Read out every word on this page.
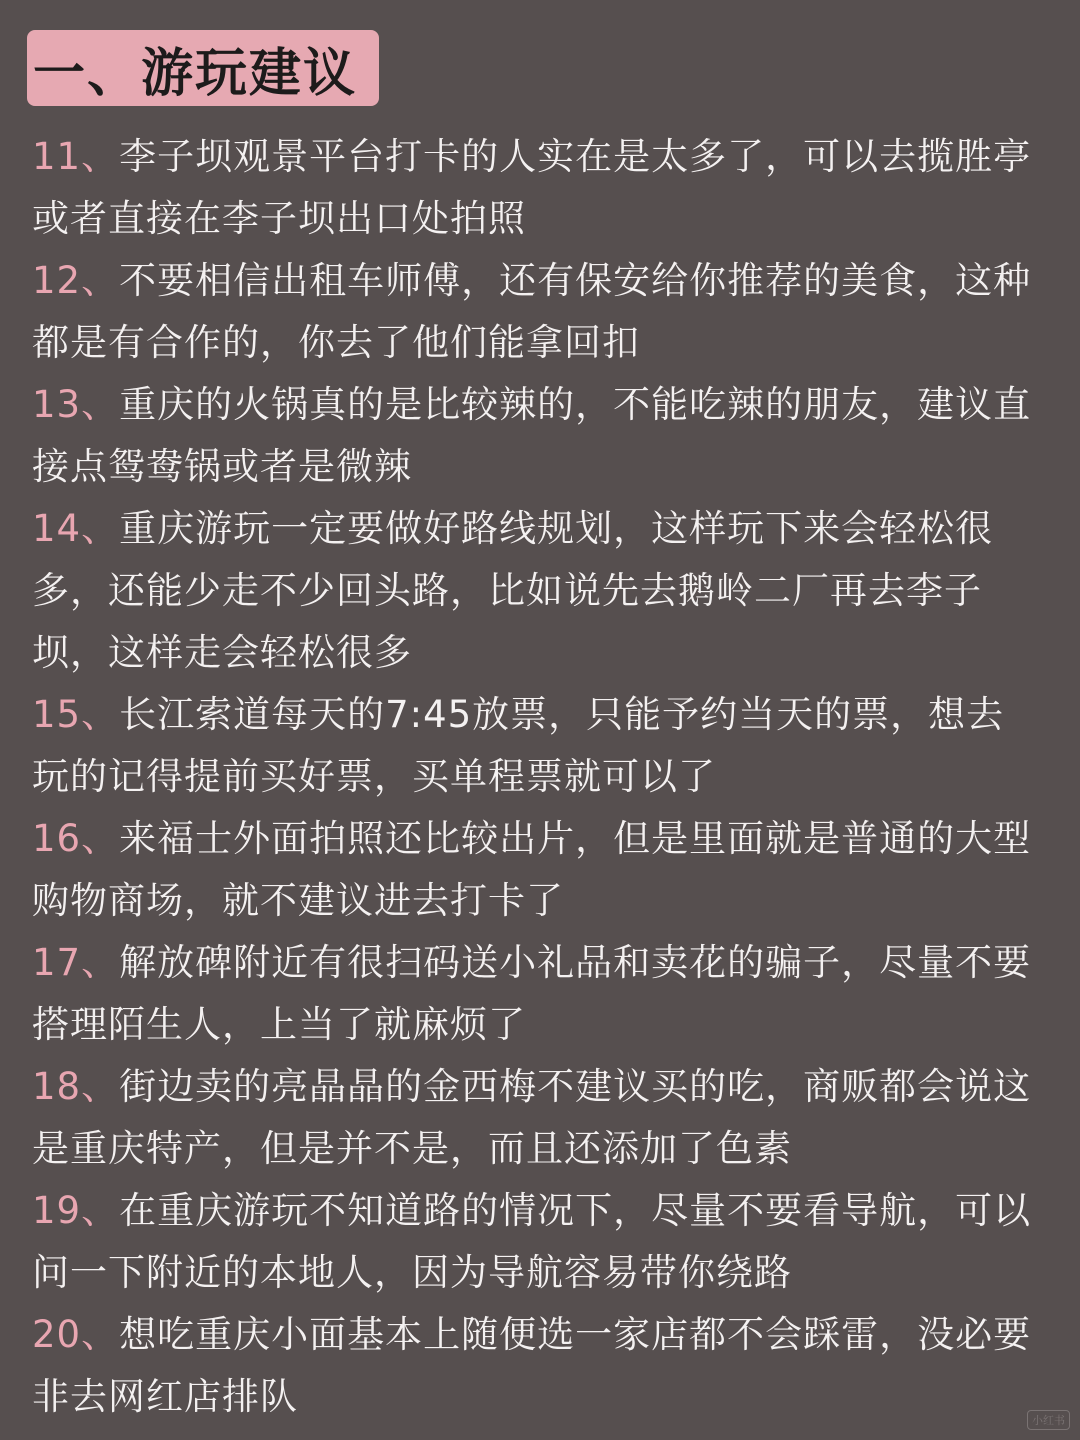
一、游玩建议
11、李子坝观景平台打卡的人实在是太多了，可以去揽胜亭或者直接在李子坝出口处拍照
12、不要相信出租车师傅，还有保安给你推荐的美食，这种都是有合作的，你去了他们能拿回扣
13、重庆的火锅真的是比较辣的，不能吃辣的朋友，建议直接点鸳鸯锅或者是微辣
14、重庆游玩一定要做好路线规划，这样玩下来会轻松很多，还能少走不少回头路，比如说先去鹅岭二厂再去李子坝，这样走会轻松很多
15、长江索道每天的7:45放票，只能予约当天的票，想去玩的记得提前买好票，买单程票就可以了
16、来福士外面拍照还比较出片，但是里面就是普通的大型购物商场，就不建议进去打卡了
17、解放碑附近有很扫码送小礼品和卖花的骗子，尽量不要搭理陌生人，上当了就麻烦了
18、街边卖的亮晶晶的金西梅不建议买的吃，商贩都会说这是重庆特产，但是并不是，而且还添加了色素
19、在重庆游玩不知道路的情况下，尽量不要看导航，可以问一下附近的本地人，因为导航容易带你绕路
20、想吃重庆小面基本上随便选一家店都不会踩雷，没必要非去网红店排队
小红书
